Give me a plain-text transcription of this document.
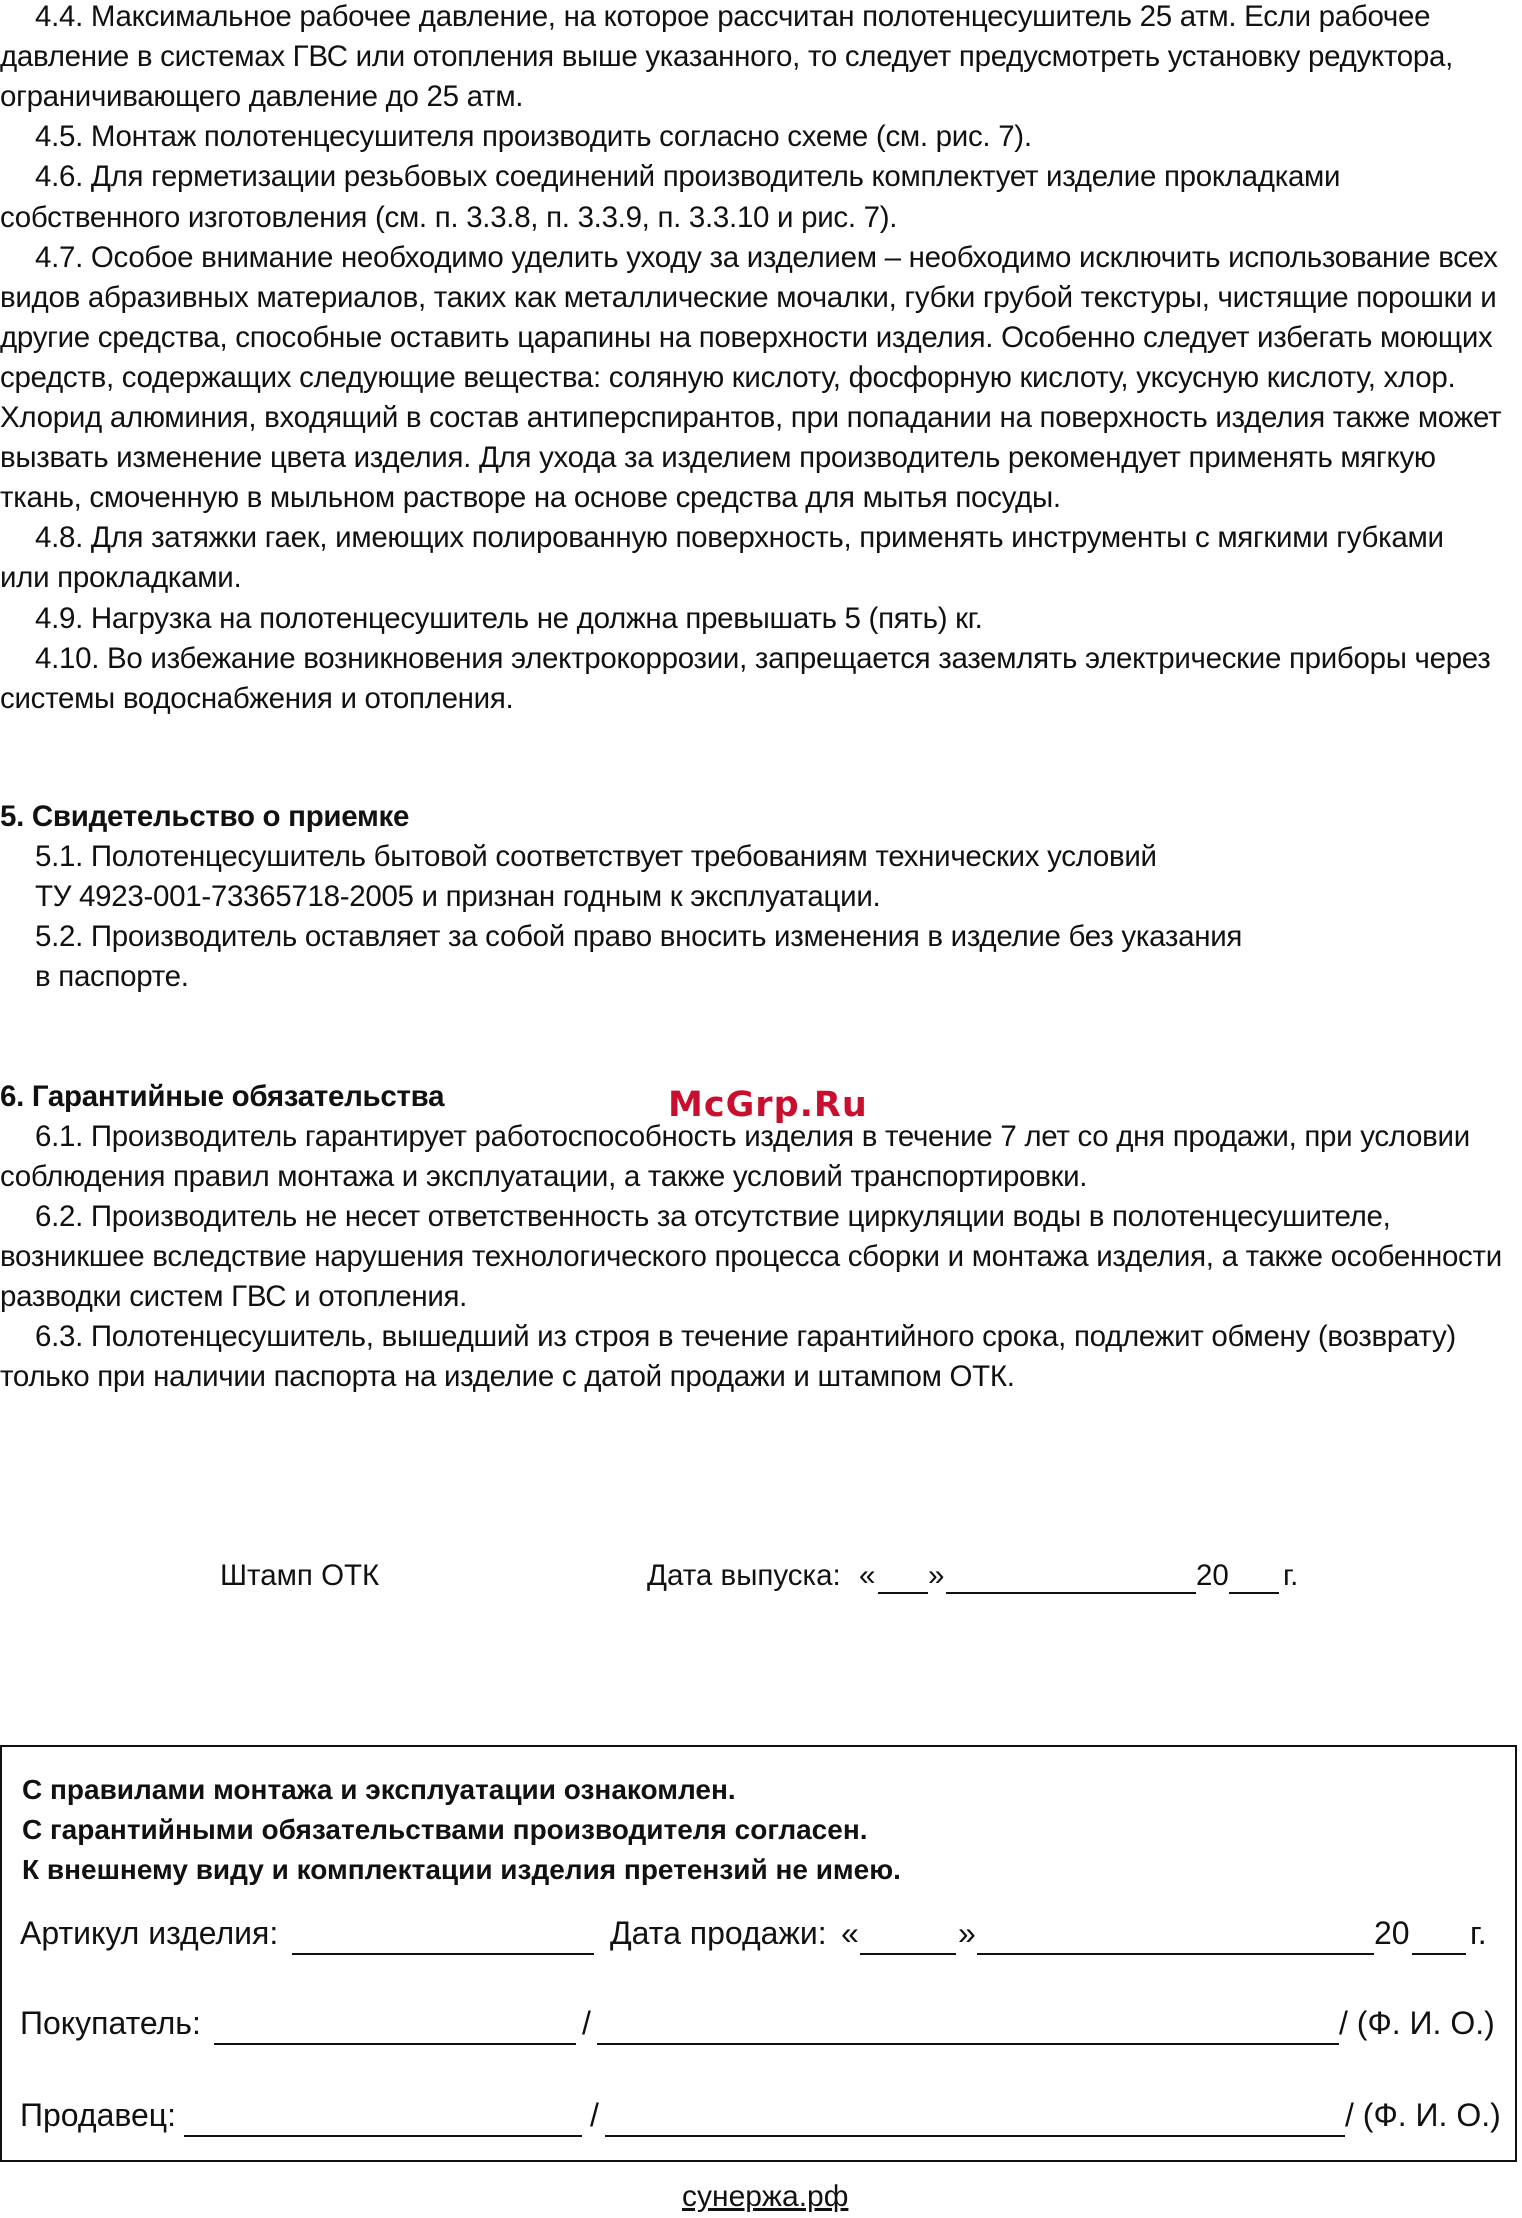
4.4. Максимальное рабочее давление, на которое рассчитан полотенцесушитель 25 атм. Если рабочее
давление в системах ГВС или отопления выше указанного, то следует предусмотреть установку редуктора,
ограничивающего давление до 25 атм.
4.5. Монтаж полотенцесушителя производить согласно схеме (см. рис. 7).
4.6. Для герметизации резьбовых соединений производитель комплектует изделие прокладками
собственного изготовления (см. п. 3.3.8, п. 3.3.9, п. 3.3.10 и рис. 7).
4.7. Особое внимание необходимо уделить уходу за изделием – необходимо исключить использование всех
видов абразивных материалов, таких как металлические мочалки, губки грубой текстуры, чистящие порошки и
другие средства, способные оставить царапины на поверхности изделия. Особенно следует избегать моющих
средств, содержащих следующие вещества: соляную кислоту, фосфорную кислоту, уксусную кислоту, хлор.
Хлорид алюминия, входящий в состав антиперспирантов, при попадании на поверхность изделия также может
вызвать изменение цвета изделия. Для ухода за изделием производитель рекомендует применять мягкую
ткань, смоченную в мыльном растворе на основе средства для мытья посуды.
4.8. Для затяжки гаек, имеющих полированную поверхность, применять инструменты с мягкими губками
или прокладками.
4.9. Нагрузка на полотенцесушитель не должна превышать 5 (пять) кг.
4.10. Во избежание возникновения электрокоррозии, запрещается заземлять электрические приборы через
системы водоснабжения и отопления.
5. Свидетельство о приемке
5.1. Полотенцесушитель бытовой соответствует требованиям технических условий
ТУ 4923-001-73365718-2005 и признан годным к эксплуатации.
5.2. Производитель оставляет за собой право вносить изменения в изделие без указания
в паспорте.
6. Гарантийные обязательства	McGrp.Ru
6.1. Производитель гарантирует работоспособность изделия в течение 7 лет со дня продажи, при условии
соблюдения правил монтажа и эксплуатации, а также условий транспортировки.
6.2. Производитель не несет ответственность за отсутствие циркуляции воды в полотенцесушителе,
возникшее вследствие нарушения технологического процесса сборки и монтажа изделия, а также особенности
разводки систем ГВС и отопления.
6.3. Полотенцесушитель, вышедший из строя в течение гарантийного срока, подлежит обмену (возврату)
только при наличии паспорта на изделие с датой продажи и штампом ОТК.
Штамп ОТК	Дата выпуска: « »	20 г.
С правилами монтажа и эксплуатации ознакомлен.
С гарантийными обязательствами производителя согласен.
К внешнему виду и комплектации изделия претензий не имею.
Артикул изделия:	Дата продажи: «	»	20 г.
Покупатель:	/	/ (Ф. И. О.)
Продавец:	/	/ (Ф. И. О.)
сунержа.рф
